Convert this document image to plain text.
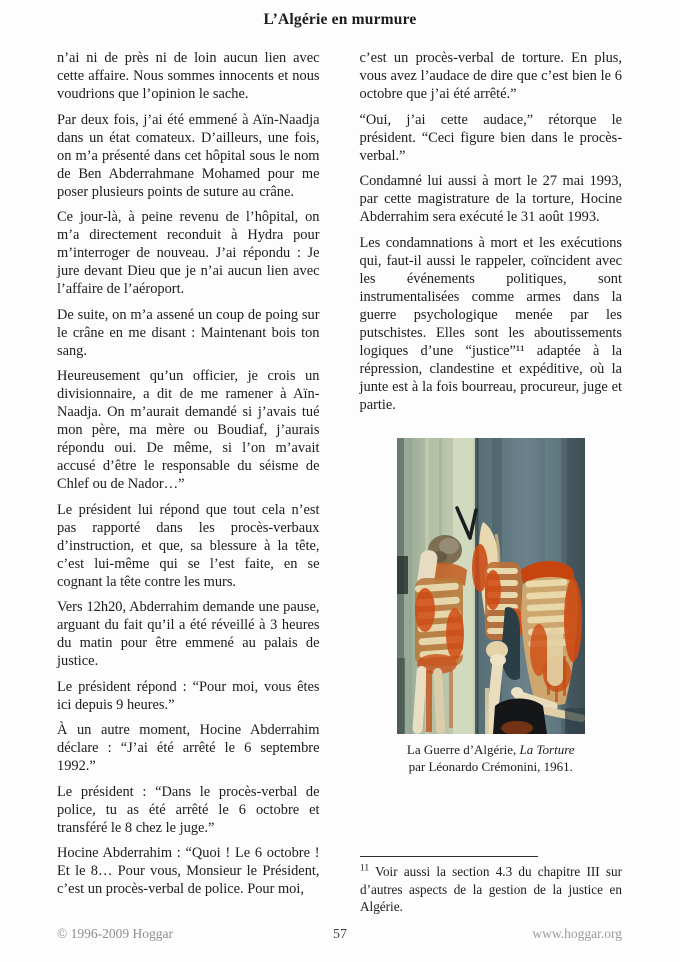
L’Algérie en murmure

n’ai ni de près ni de loin aucun lien avec cette affaire. Nous sommes innocents et nous voudrions que l’opinion le sache.

Par deux fois, j’ai été emmené à Aïn-Naadja dans un état comateux. D’ailleurs, une fois, on m’a présenté dans cet hôpital sous le nom de Ben Abderrahmane Mohamed pour me poser plusieurs points de suture au crâne.

Ce jour-là, à peine revenu de l’hôpital, on m’a directement reconduit à Hydra pour m’interroger de nouveau. J’ai répondu : Je jure devant Dieu que je n’ai aucun lien avec l’affaire de l’aéroport.

De suite, on m’a assené un coup de poing sur le crâne en me disant : Maintenant bois ton sang.

Heureusement qu’un officier, je crois un divisionnaire, a dit de me ramener à Aïn-Naadja. On m’aurait demandé si j’avais tué mon père, ma mère ou Boudiaf, j’aurais répondu oui. De même, si l’on m’avait accusé d’être le responsable du séisme de Chlef ou de Nador…”

Le président lui répond que tout cela n’est pas rapporté dans les procès-verbaux d’instruction, et que, sa blessure à la tête, c’est lui-même qui se l’est faite, en se cognant la tête contre les murs.

Vers 12h20, Abderrahim demande une pause, arguant du fait qu’il a été réveillé à 3 heures du matin pour être emmené au palais de justice.

Le président répond : “Pour moi, vous êtes ici depuis 9 heures.”

À un autre moment, Hocine Abderrahim déclare : “J’ai été arrêté le 6 septembre 1992.”

Le président : “Dans le procès-verbal de police, tu as été arrêté le 6 octobre et transféré le 8 chez le juge.”

Hocine Abderrahim : “Quoi ! Le 6 octobre ! Et le 8… Pour vous, Monsieur le Président, c’est un procès-verbal de police. Pour moi,

c’est un procès-verbal de torture. En plus, vous avez l’audace de dire que c’est bien le 6 octobre que j’ai été arrêté.”

“Oui, j’ai cette audace,” rétorque le président. “Ceci figure bien dans le procès-verbal.”

Condamné lui aussi à mort le 27 mai 1993, par cette magistrature de la torture, Hocine Abderrahim sera exécuté le 31 août 1993.

Les condamnations à mort et les exécutions qui, faut-il aussi le rappeler, coïncident avec les événements politiques, sont instrumentalisées comme armes dans la guerre psychologique menée par les putschistes. Elles sont les aboutissements logiques d’une “justice”¹¹ adaptée à la répression, clandestine et expéditive, où la junte est à la fois bourreau, procureur, juge et partie.

La Guerre d’Algérie, La Torture
par Léonardo Crémonini, 1961.
$^{11}$ Voir aussi la section 4.3 du chapitre III sur d’autres aspects de la gestion de la justice en Algérie.
© 1996-2009 Hoggar	57	www.hoggar.org
